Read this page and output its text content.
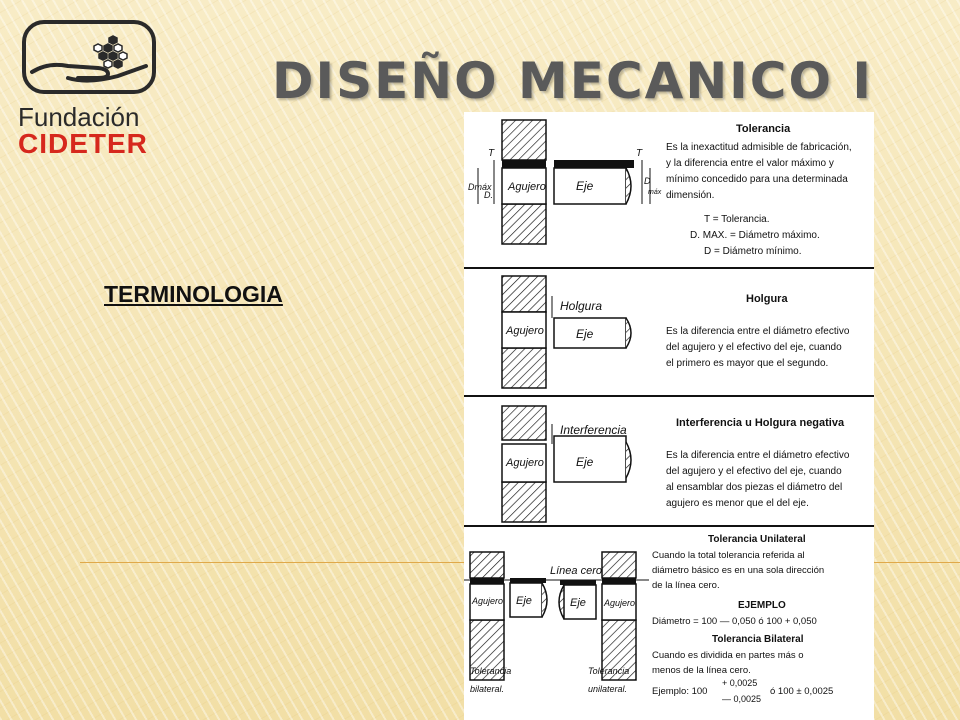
Fundación
CIDETER
DISEÑO MECANICO I
TERMINOLOGIA
T
Dmáx
D.
Agujero	Eje
T
D
máx
Tolerancia
Es la inexactitud admisible de fabricación,
y la diferencia entre el valor máximo y
mínimo concedido para una determinada
dimensión.
T = Tolerancia.
D. MAX. = Diámetro máximo.
D = Diámetro mínimo.
Holgura
Agujero	Eje
Holgura
Es la diferencia entre el diámetro efectivo
del agujero y el efectivo del eje, cuando
el primero es mayor que el segundo.
Interferencia
Agujero	Eje
Interferencia u Holgura negativa
Es la diferencia entre el diámetro efectivo
del agujero y el efectivo del eje, cuando
al ensamblar dos piezas el diámetro del
agujero es menor que el del eje.
Línea cero
Agujero Eje	Eje Agujero
Tolerancia
bilateral.
Tolerancia
unilateral.
Tolerancia Unilateral
Cuando la total tolerancia referida al
diámetro básico es en una sola dirección
de la línea cero.
EJEMPLO
Diámetro = 100 — 0,050 ó 100 + 0,050
Tolerancia Bilateral
Cuando es dividida en partes más o
menos de la línea cero.
Ejemplo: 100
+ 0,0025
— 0,0025
ó 100 ± 0,0025
